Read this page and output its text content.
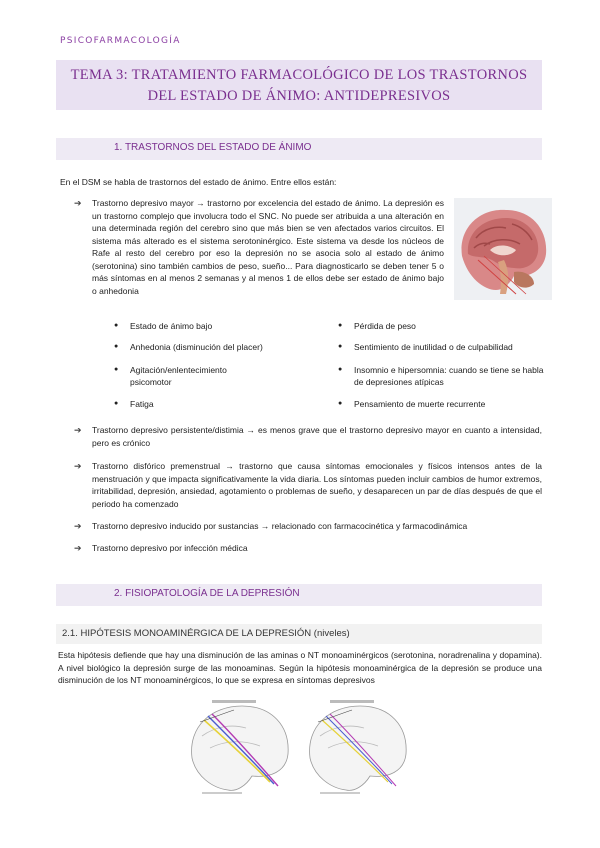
PSICOFARMACOLOGÍA
TEMA 3: TRATAMIENTO FARMACOLÓGICO DE LOS TRASTORNOS
DEL ESTADO DE ÁNIMO: ANTIDEPRESIVOS
1. TRASTORNOS DEL ESTADO DE ÁNIMO
En el DSM se habla de trastornos del estado de ánimo. Entre ellos están:
➔ Trastorno depresivo mayor → trastorno por excelencia del estado de ánimo. La depresión es un trastorno complejo que involucra todo el SNC. No puede ser atribuida a una alteración en una determinada región del cerebro sino que más bien se ven afectados varios circuitos. El sistema más alterado es el sistema serotoninérgico. Este sistema va desde los núcleos de Rafe al resto del cerebro por eso la depresión no se asocia solo al estado de ánimo (serotonina) sino también cambios de peso, sueño... Para diagnosticarlo se deben tener 5 o más síntomas en al menos 2 semanas y al menos 1 de ellos debe ser estado de ánimo bajo o anhedonia
● Estado de ánimo bajo
● Anhedonia (disminución del placer)
● Agitación/enlentecimiento psicomotor
● Fatiga
● Pérdida de peso
● Sentimiento de inutilidad o de culpabilidad
● Insomnio e hipersomnia: cuando se tiene se habla de depresiones atípicas
● Pensamiento de muerte recurrente
➔ Trastorno depresivo persistente/distimia → es menos grave que el trastorno depresivo mayor en cuanto a intensidad, pero es crónico
➔ Trastorno disfórico premenstrual → trastorno que causa síntomas emocionales y físicos intensos antes de la menstruación y que impacta significativamente la vida diaria. Los síntomas pueden incluir cambios de humor extremos, irritabilidad, depresión, ansiedad, agotamiento o problemas de sueño, y desaparecen un par de días después de que el periodo ha comenzado
➔ Trastorno depresivo inducido por sustancias → relacionado con farmacocinética y farmacodinámica
➔ Trastorno depresivo por infección médica
2. FISIOPATOLOGÍA DE LA DEPRESIÓN
2.1. HIPÓTESIS MONOAMINÉRGICA DE LA DEPRESIÓN (niveles)
Esta hipótesis defiende que hay una disminución de las aminas o NT monoaminérgicos (serotonina, noradrenalina y dopamina). A nivel biológico la depresión surge de las monoaminas. Según la hipótesis monoaminérgica de la depresión se produce una disminución de los NT monoaminérgicos, lo que se expresa en síntomas depresivos
